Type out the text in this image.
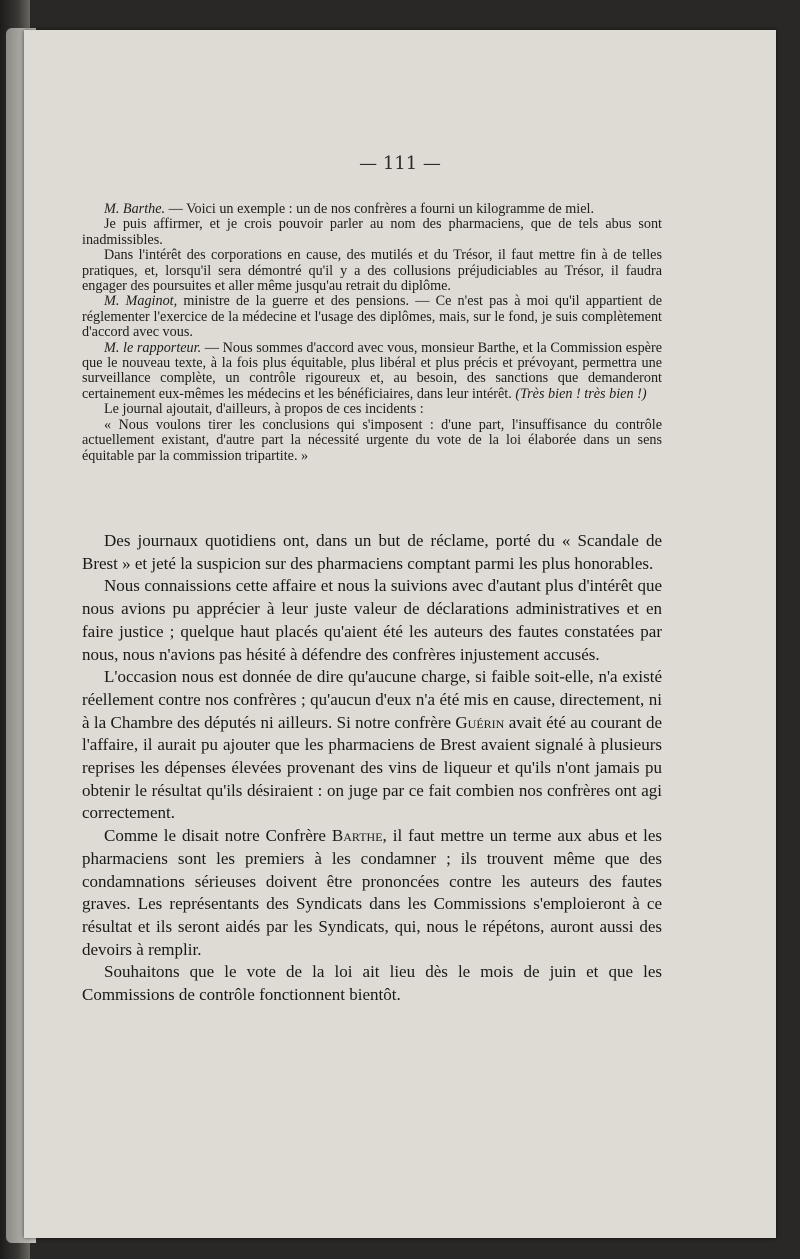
— 111 —

M. Barthe. — Voici un exemple : un de nos confrères a fourni un kilogramme de miel.

Je puis affirmer, et je crois pouvoir parler au nom des pharmaciens, que de tels abus sont inadmissibles.

Dans l'intérêt des corporations en cause, des mutilés et du Trésor, il faut mettre fin à de telles pratiques, et, lorsqu'il sera démontré qu'il y a des collusions préjudiciables au Trésor, il faudra engager des poursuites et aller même jusqu'au retrait du diplôme.

M. Maginot, ministre de la guerre et des pensions. — Ce n'est pas à moi qu'il appartient de réglementer l'exercice de la médecine et l'usage des diplômes, mais, sur le fond, je suis complètement d'accord avec vous.

M. le rapporteur. — Nous sommes d'accord avec vous, monsieur Barthe, et la Commission espère que le nouveau texte, à la fois plus équitable, plus libéral et plus précis et prévoyant, permettra une surveillance complète, un contrôle rigoureux et, au besoin, des sanctions que demanderont certainement eux-mêmes les médecins et les bénéficiaires, dans leur intérêt. (Très bien ! très bien !)

Le journal ajoutait, d'ailleurs, à propos de ces incidents :

« Nous voulons tirer les conclusions qui s'imposent : d'une part, l'insuffisance du contrôle actuellement existant, d'autre part la nécessité urgente du vote de la loi élaborée dans un sens équitable par la commission tripartite. »

Des journaux quotidiens ont, dans un but de réclame, porté du « Scandale de Brest » et jeté la suspicion sur des pharmaciens comptant parmi les plus honorables.

Nous connaissions cette affaire et nous la suivions avec d'autant plus d'intérêt que nous avions pu apprécier à leur juste valeur de déclarations administratives et en faire justice ; quelque haut placés qu'aient été les auteurs des fautes constatées par nous, nous n'avions pas hésité à défendre des confrères injustement accusés.

L'occasion nous est donnée de dire qu'aucune charge, si faible soit-elle, n'a existé réellement contre nos confrères ; qu'aucun d'eux n'a été mis en cause, directement, ni à la Chambre des députés ni ailleurs. Si notre confrère Guérin avait été au courant de l'affaire, il aurait pu ajouter que les pharmaciens de Brest avaient signalé à plusieurs reprises les dépenses élevées provenant des vins de liqueur et qu'ils n'ont jamais pu obtenir le résultat qu'ils désiraient : on juge par ce fait combien nos confrères ont agi correctement.

Comme le disait notre Confrère Barthe, il faut mettre un terme aux abus et les pharmaciens sont les premiers à les condamner ; ils trouvent même que des condamnations sérieuses doivent être prononcées contre les auteurs des fautes graves. Les représentants des Syndicats dans les Commissions s'emploieront à ce résultat et ils seront aidés par les Syndicats, qui, nous le répétons, auront aussi des devoirs à remplir.

Souhaitons que le vote de la loi ait lieu dès le mois de juin et que les Commissions de contrôle fonctionnent bientôt.
